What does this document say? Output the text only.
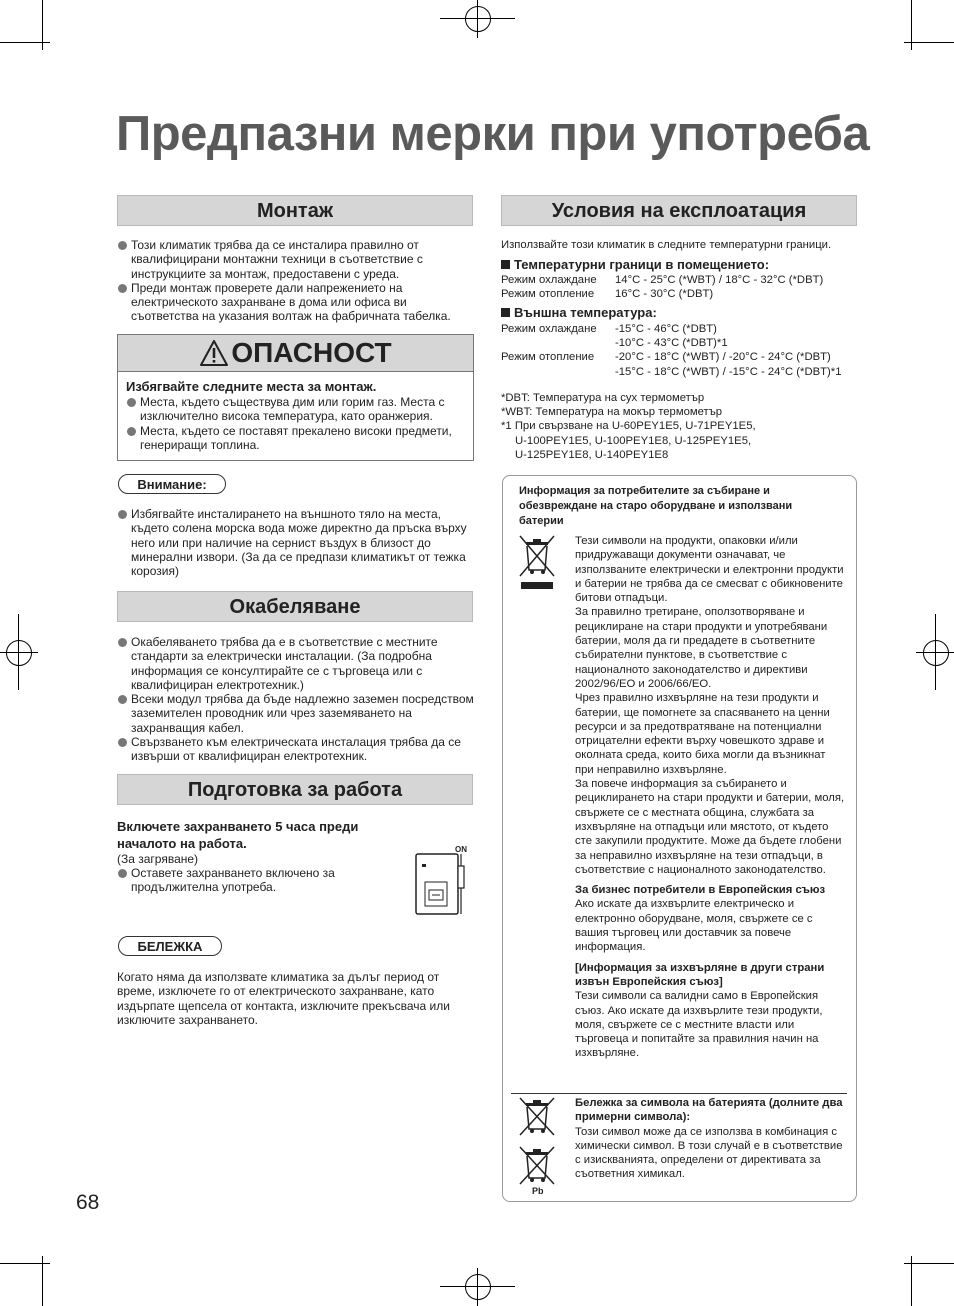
Предпазни мерки при употреба
Монтаж
Този климатик трябва да се инсталира правилно от квалифицирани монтажни техници в съответствие с инструкциите за монтаж, предоставени с уреда.
Преди монтаж проверете дали напрежението на електрическото захранване в дома или офиса ви съответства на указания волтаж на фабричната табелка.
ОПАСНОСТ
Избягвайте следните места за монтаж.
Места, където съществува дим или горим газ. Места с изключително висока температура, като оранжерия.
Места, където се поставят прекалено високи предмети, генериращи топлина.
Внимание:
Избягвайте инсталирането на външното тяло на места, където солена морска вода може директно да пръска върху него или при наличие на сернист въздух в близост до минерални извори. (За да се предпази климатикът от тежка корозия)
Окабеляване
Окабеляването трябва да е в съответствие с местните стандарти за електрически инсталации. (За подробна информация се консултирайте се с търговеца или с квалифициран електротехник.)
Всеки модул трябва да бъде надлежно заземен посредством заземителен проводник или чрез заземяването на захранващия кабел.
Свързването към електрическата инсталация трябва да се извърши от квалифициран електротехник.
Подготовка за работа
Включете захранването 5 часа преди началото на работа.
(За загряване)
Оставете захранването включено за продължителна употреба.
ON
БЕЛЕЖКА
Когато няма да използвате климатика за дълъг период от време, изключете го от електрическото захранване, като издърпате щепсела от контакта, изключите прекъсвача или изключите захранването.
Условия на експлоатация
Използвайте този климатик в следните температурни граници.
Температурни граници в помещението:
Режим охлаждане	14°C - 25°C (*WBT) / 18°C - 32°C (*DBT)
Режим отопление	16°C - 30°C (*DBT)
Външна температура:
Режим охлаждане	-15°C - 46°C (*DBT)
-10°C - 43°C (*DBT)*1
Режим отопление	-20°C - 18°C (*WBT) / -20°C - 24°C (*DBT)
-15°C - 18°C (*WBT) / -15°C - 24°C (*DBT)*1
*DBT: Температура на сух термометър
*WBT: Температура на мокър термометър
*1 При свързване на U-60PEY1E5, U-71PEY1E5,
U-100PEY1E5, U-100PEY1E8, U-125PEY1E5,
U-125PEY1E8, U-140PEY1E8
Информация за потребителите за събиране и обезвреждане на старо оборудване и използвани батерии
Тези символи на продукти, опаковки и/или придружаващи документи означават, че използваните електрически и електронни продукти и батерии не трябва да се смесват с обикновените битови отпадъци.
За правилно третиране, оползотворяване и рециклиране на стари продукти и употребявани батерии, моля да ги предадете в съответните събирателни пунктове, в съответствие с националното законодателство и директиви 2002/96/ЕО и 2006/66/ЕО.
Чрез правилно изхвърляне на тези продукти и батерии, ще помогнете за спасяването на ценни ресурси и за предотвратяване на потенциални отрицателни ефекти върху човешкото здраве и околната среда, които биха могли да възникнат при неправилно изхвърляне.
За повече информация за събирането и рециклирането на стари продукти и батерии, моля, свържете се с местната община, службата за изхвърляне на отпадъци или мястото, от където сте закупили продуктите. Може да бъдете глобени за неправилно изхвърляне на тези отпадъци, в съответствие с националното законодателство.
За бизнес потребители в Европейския съюз
Ако искате да изхвърлите електрическо и електронно оборудване, моля, свържете се с вашия търговец или доставчик за повече информация.
[Информация за изхвърляне в други страни извън Европейския съюз]
Тези символи са валидни само в Европейския съюз. Ако искате да изхвърлите тези продукти, моля, свържете се с местните власти или търговеца и попитайте за правилния начин на изхвърляне.
Pb
Бележка за символа на батерията (долните два примерни символа):
Този символ може да се използва в комбинация с химически символ. В този случай е в съответствие с изискванията, определени от директивата за съответния химикал.
68
